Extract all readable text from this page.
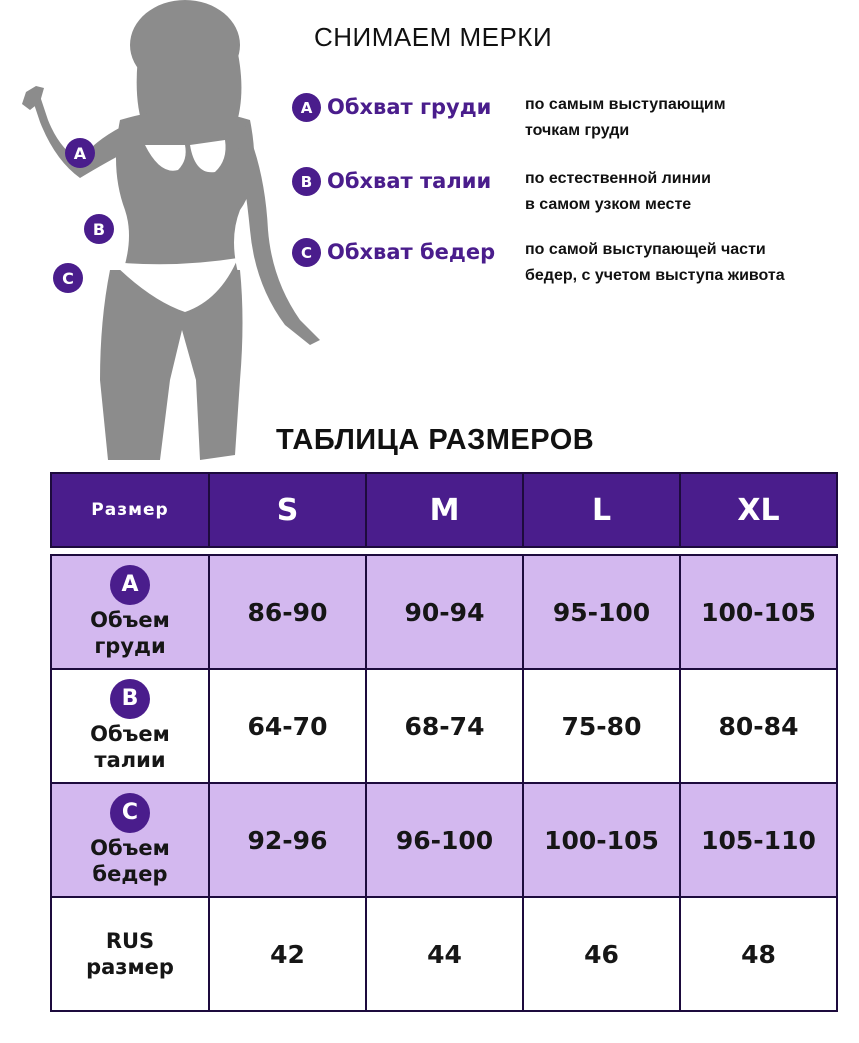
A
B
C
СНИМАЕМ МЕРКИ
A Обхват груди	по самым выступающим
точкам груди
B Обхват талии	по естественной линии
в самом узком месте
C Обхват бедер	по самой выступающей части
бедер, с учетом выступа живота
ТАБЛИЦА РАЗМЕРОВ
Размер	S	M	L	XL

A
Объем
груди	86-90	90-94	95-100	100-105

B
Объем
талии	64-70	68-74	75-80	80-84

C
Объем
бедер	92-96	96-100	100-105	105-110

RUS
размер	42	44	46	48
